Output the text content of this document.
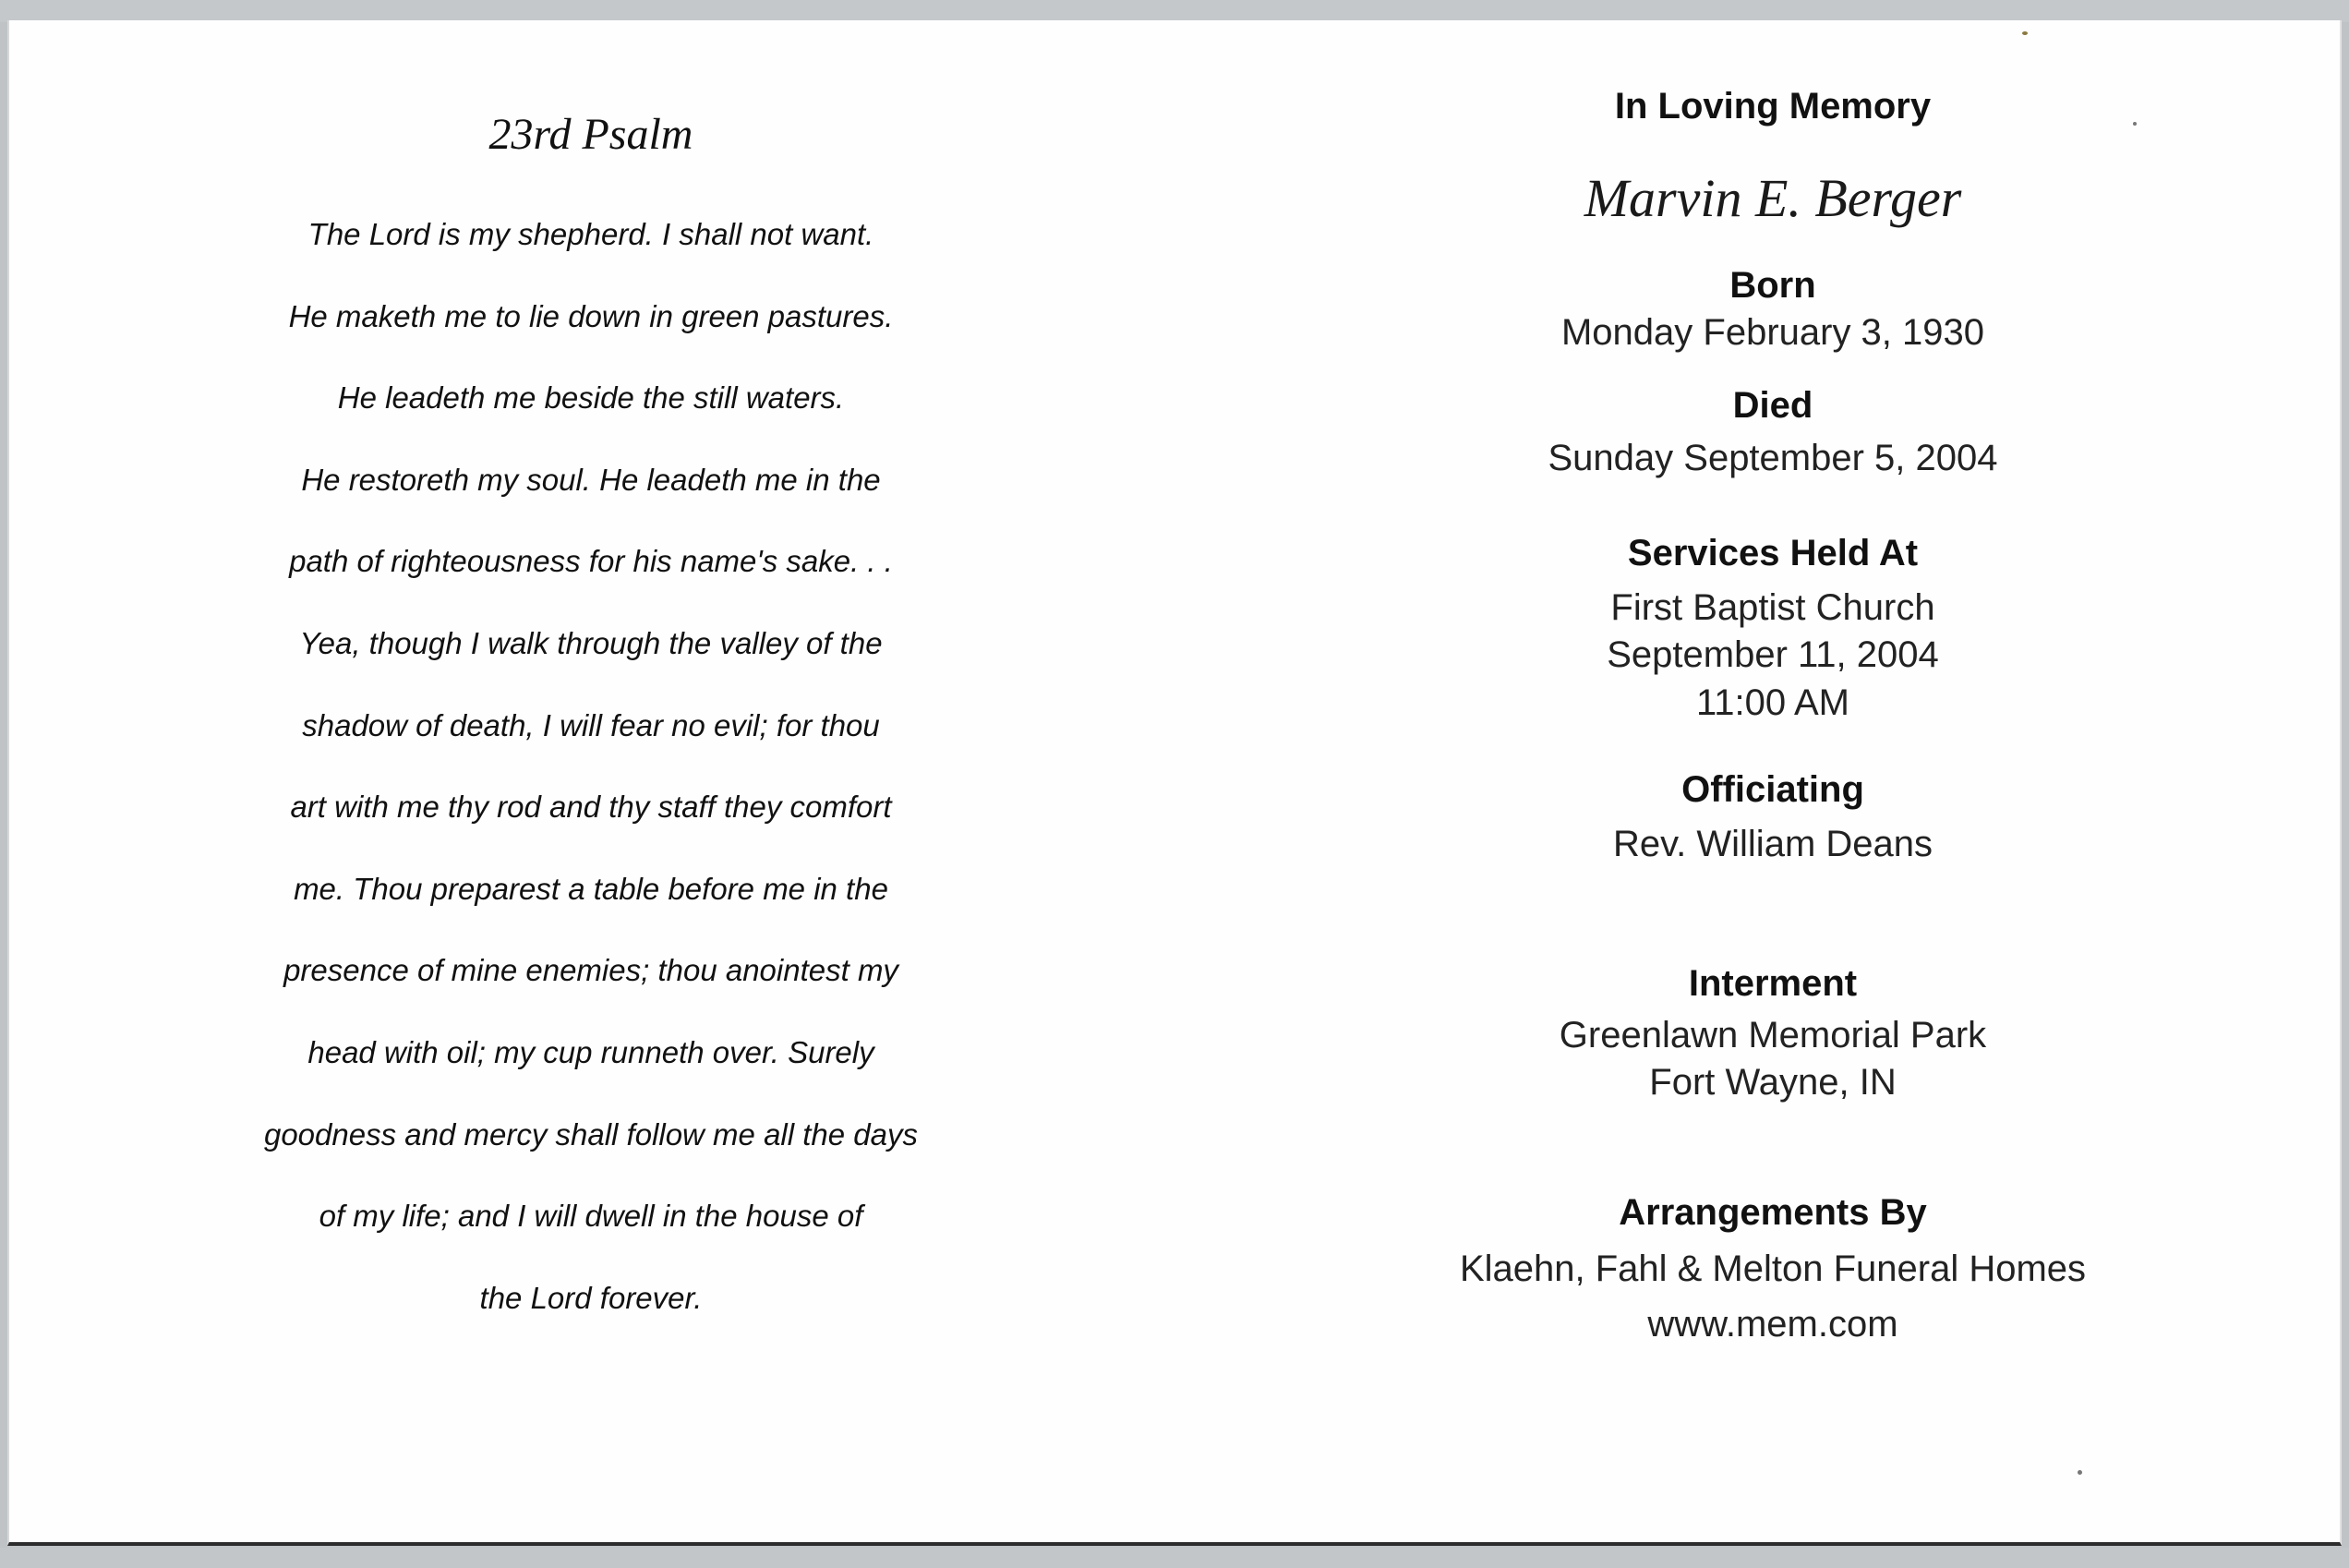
23rd Psalm
The Lord is my shepherd. I shall not want.
He maketh me to lie down in green pastures.
He leadeth me beside the still waters.
He restoreth my soul. He leadeth me in the
path of righteousness for his name's sake. . .
Yea, though I walk through the valley of the
shadow of death, I will fear no evil; for thou
art with me thy rod and thy staff they comfort
me. Thou preparest a table before me in the
presence of mine enemies; thou anointest my
head with oil; my cup runneth over. Surely
goodness and mercy shall follow me all the days
of my life; and I will dwell in the house of
the Lord forever.
In Loving Memory
Marvin E. Berger
Born
Monday February 3, 1930
Died
Sunday September 5, 2004
Services Held At
First Baptist Church
September 11, 2004
11:00 AM
Officiating
Rev. William Deans
Interment
Greenlawn Memorial Park
Fort Wayne, IN
Arrangements By
Klaehn, Fahl & Melton Funeral Homes
www.mem.com
